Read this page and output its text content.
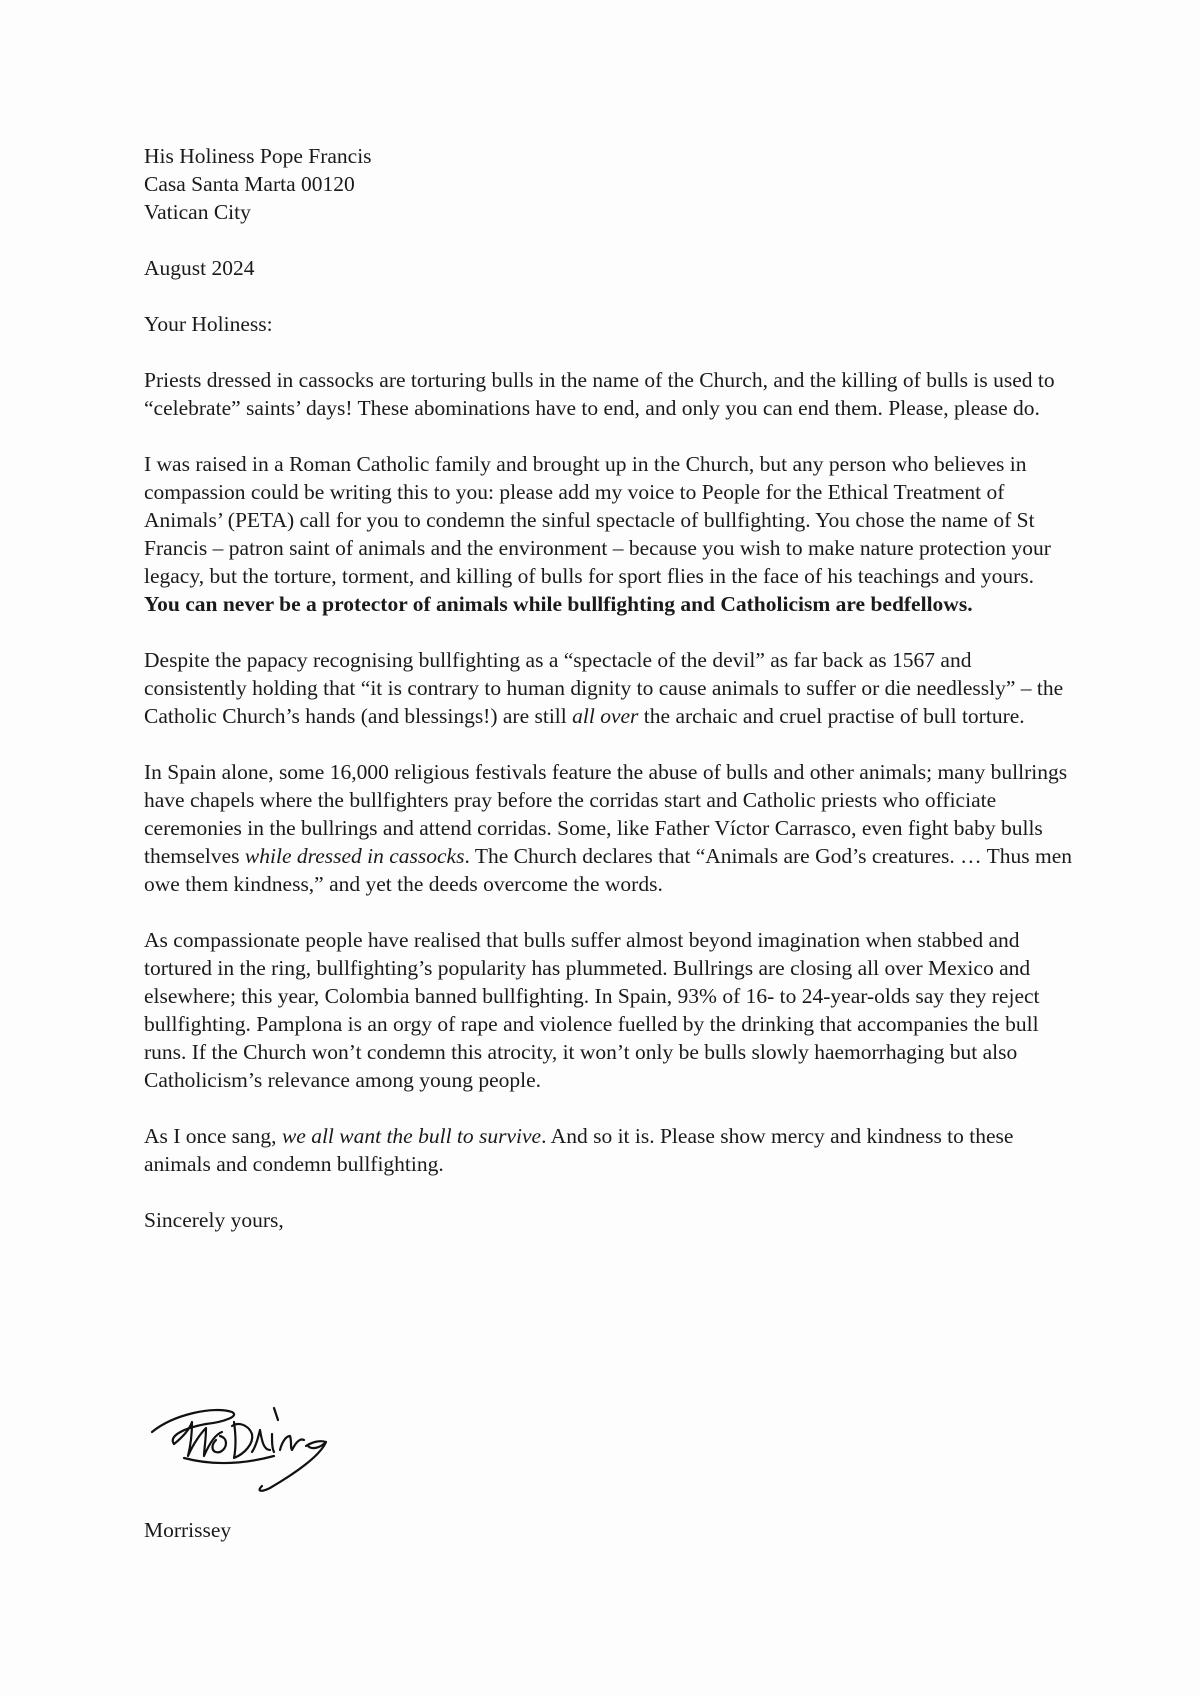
His Holiness Pope Francis

Casa Santa Marta 00120

Vatican City

August 2024

Your Holiness:

Priests dressed in cassocks are torturing bulls in the name of the Church, and the killing of bulls is used to “celebrate” saints’ days! These abominations have to end, and only you can end them. Please, please do.

I was raised in a Roman Catholic family and brought up in the Church, but any person who believes in compassion could be writing this to you: please add my voice to People for the Ethical Treatment of Animals’ (PETA) call for you to condemn the sinful spectacle of bullfighting. You chose the name of St Francis – patron saint of animals and the environment – because you wish to make nature protection your legacy, but the torture, torment, and killing of bulls for sport flies in the face of his teachings and yours. You can never be a protector of animals while bullfighting and Catholicism are bedfellows.

Despite the papacy recognising bullfighting as a “spectacle of the devil” as far back as 1567 and consistently holding that “it is contrary to human dignity to cause animals to suffer or die needlessly” – the Catholic Church’s hands (and blessings!) are still all over the archaic and cruel practise of bull torture.

In Spain alone, some 16,000 religious festivals feature the abuse of bulls and other animals; many bullrings have chapels where the bullfighters pray before the corridas start and Catholic priests who officiate ceremonies in the bullrings and attend corridas. Some, like Father Víctor Carrasco, even fight baby bulls themselves while dressed in cassocks. The Church declares that “Animals are God’s creatures. … Thus men owe them kindness,” and yet the deeds overcome the words.

As compassionate people have realised that bulls suffer almost beyond imagination when stabbed and tortured in the ring, bullfighting’s popularity has plummeted. Bullrings are closing all over Mexico and elsewhere; this year, Colombia banned bullfighting. In Spain, 93% of 16- to 24-year-olds say they reject bullfighting. Pamplona is an orgy of rape and violence fuelled by the drinking that accompanies the bull runs. If the Church won’t condemn this atrocity, it won’t only be bulls slowly haemorrhaging but also Catholicism’s relevance among young people.

As I once sang, we all want the bull to survive. And so it is. Please show mercy and kindness to these animals and condemn bullfighting.

Sincerely yours,

Morrissey
